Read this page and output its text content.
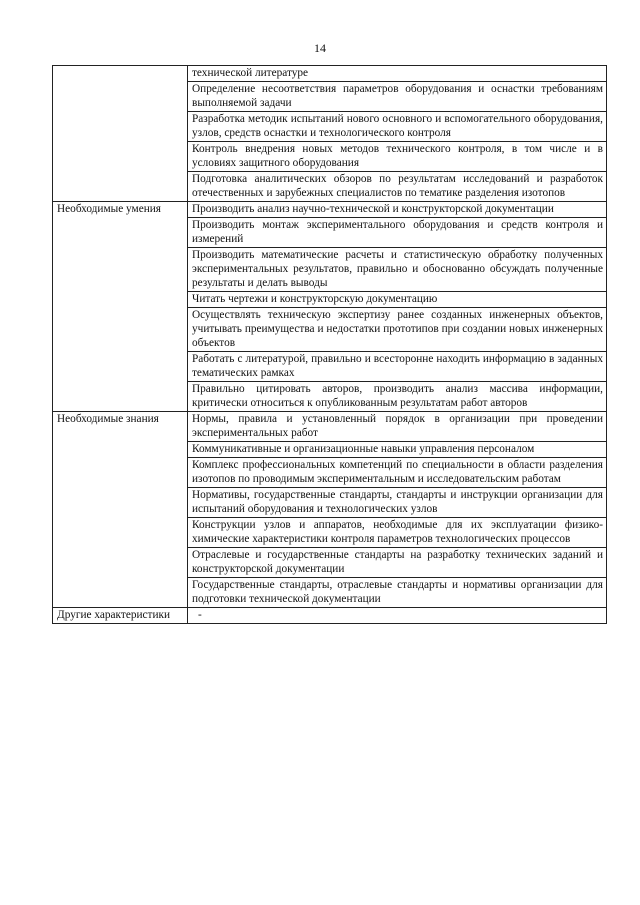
14
	технической литературе
	Определение несоответствия параметров оборудования и оснастки требованиям выполняемой задачи
	Разработка методик испытаний нового основного и вспомогательного оборудования, узлов, средств оснастки и технологического контроля
	Контроль внедрения новых методов технического контроля, в том числе и в условиях защитного оборудования
	Подготовка аналитических обзоров по результатам исследований и разработок отечественных и зарубежных специалистов по тематике разделения изотопов
Необходимые умения	Производить анализ научно-технической и конструкторской документации
	Производить монтаж экспериментального оборудования и средств контроля и измерений
	Производить математические расчеты и статистическую обработку полученных экспериментальных результатов, правильно и обоснованно обсуждать полученные результаты и делать выводы
	Читать чертежи и конструкторскую документацию
	Осуществлять техническую экспертизу ранее созданных инженерных объектов, учитывать преимущества и недостатки прототипов при создании новых инженерных объектов
	Работать с литературой, правильно и всесторонне находить информацию в заданных тематических рамках
	Правильно цитировать авторов, производить анализ массива информации, критически относиться к опубликованным результатам работ авторов
Необходимые знания	Нормы, правила и установленный порядок в организации при проведении экспериментальных работ
	Коммуникативные и организационные навыки управления персоналом
	Комплекс профессиональных компетенций по специальности в области разделения изотопов по проводимым экспериментальным и исследовательским работам
	Нормативы, государственные стандарты, стандарты и инструкции организации для испытаний оборудования и технологических узлов
	Конструкции узлов и аппаратов, необходимые для их эксплуатации физико-химические характеристики контроля параметров технологических процессов
	Отраслевые и государственные стандарты на разработку технических заданий и конструкторской документации
	Государственные стандарты, отраслевые стандарты и нормативы организации для подготовки технической документации
Другие характеристики	-
